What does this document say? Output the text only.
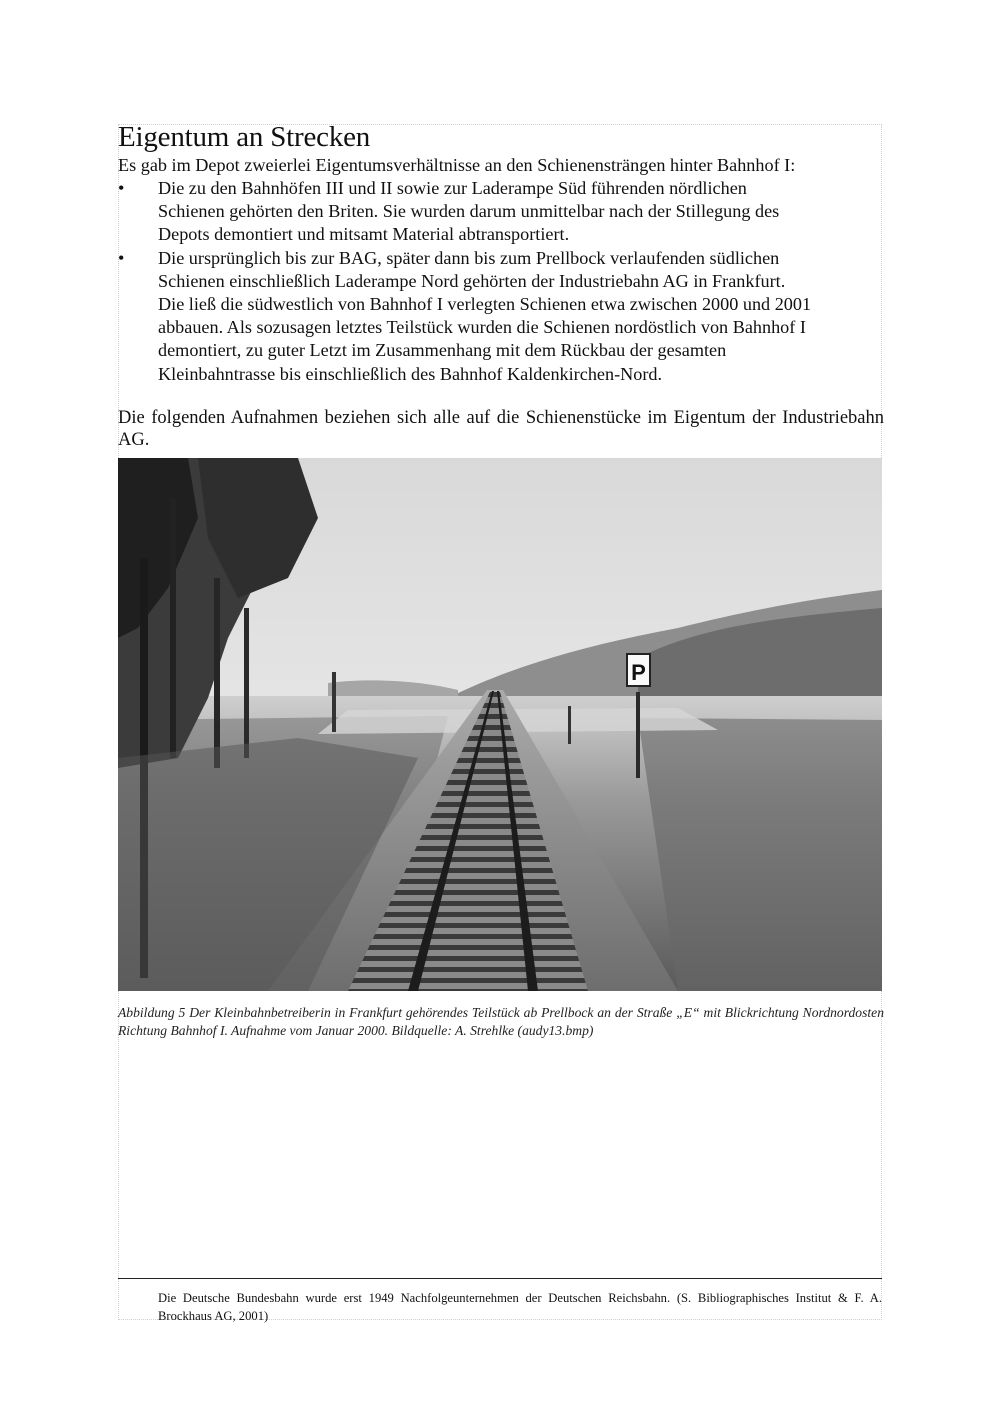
Eigentum an Strecken
Es gab im Depot zweierlei Eigentumsverhältnisse an den Schienensträngen hinter Bahnhof I:
• Die zu den Bahnhöfen III und II sowie zur Laderampe Süd führenden nördlichen
Schienen gehörten den Briten. Sie wurden darum unmittelbar nach der Stillegung des
Depots demontiert und mitsamt Material abtransportiert.
• Die ursprünglich bis zur BAG, später dann bis zum Prellbock verlaufenden südlichen
Schienen einschließlich Laderampe Nord gehörten der Industriebahn AG in Frankfurt.
Die ließ die südwestlich von Bahnhof I verlegten Schienen etwa zwischen 2000 und 2001
abbauen. Als sozusagen letztes Teilstück wurden die Schienen nordöstlich von Bahnhof I
demontiert, zu guter Letzt im Zusammenhang mit dem Rückbau der gesamten
Kleinbahntrasse bis einschließlich des Bahnhof Kaldenkirchen-Nord.
Die folgenden Aufnahmen beziehen sich alle auf die Schienenstücke im Eigentum der Industriebahn AG.
P
Abbildung 5 Der Kleinbahnbetreiberin in Frankfurt gehörendes Teilstück ab Prellbock an der Straße „E“ mit Blickrichtung Nordnordosten Richtung Bahnhof I. Aufnahme vom Januar 2000. Bildquelle: A. Strehlke (audy13.bmp)
Die Deutsche Bundesbahn wurde erst 1949 Nachfolgeunternehmen der Deutschen Reichsbahn. (S. Bibliographisches Institut & F. A. Brockhaus AG, 2001)
